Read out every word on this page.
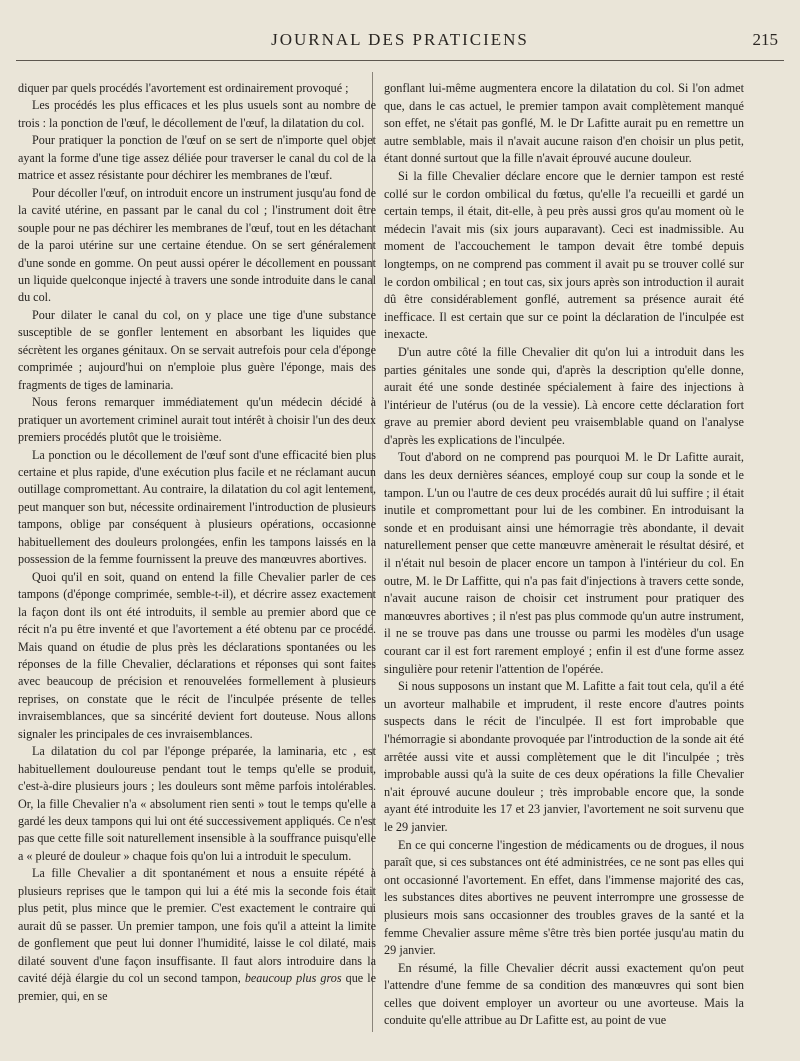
JOURNAL DES PRATICIENS	215

diquer par quels procédés l'avortement est ordinairement provoqué ;

Les procédés les plus efficaces et les plus usuels sont au nombre de trois : la ponction de l'œuf, le décollement de l'œuf, la dilatation du col.

Pour pratiquer la ponction de l'œuf on se sert de n'importe quel objet ayant la forme d'une tige assez déliée pour traverser le canal du col de la matrice et assez résistante pour déchirer les membranes de l'œuf.

Pour décoller l'œuf, on introduit encore un instrument jusqu'au fond de la cavité utérine, en passant par le canal du col ; l'instrument doit être souple pour ne pas déchirer les membranes de l'œuf, tout en les détachant de la paroi utérine sur une certaine étendue. On se sert généralement d'une sonde en gomme. On peut aussi opérer le décollement en poussant un liquide quelconque injecté à travers une sonde introduite dans le canal du col.

Pour dilater le canal du col, on y place une tige d'une substance susceptible de se gonfler lentement en absorbant les liquides que sécrètent les organes génitaux. On se servait autrefois pour cela d'éponge comprimée ; aujourd'hui on n'emploie plus guère l'éponge, mais des fragments de tiges de laminaria.

Nous ferons remarquer immédiatement qu'un médecin décidé à pratiquer un avortement criminel aurait tout intérêt à choisir l'un des deux premiers procédés plutôt que le troisième.

La ponction ou le décollement de l'œuf sont d'une efficacité bien plus certaine et plus rapide, d'une exécution plus facile et ne réclamant aucun outillage compromettant. Au contraire, la dilatation du col agit lentement, peut manquer son but, nécessite ordinairement l'introduction de plusieurs tampons, oblige par conséquent à plusieurs opérations, occasionne habituellement des douleurs prolongées, enfin les tampons laissés en la possession de la femme fournissent la preuve des manœuvres abortives.

Quoi qu'il en soit, quand on entend la fille Chevalier parler de ces tampons (d'éponge comprimée, semble-t-il), et décrire assez exactement la façon dont ils ont été introduits, il semble au premier abord que ce récit n'a pu être inventé et que l'avortement a été obtenu par ce procédé. Mais quand on étudie de plus près les déclarations spontanées ou les réponses de la fille Chevalier, déclarations et réponses qui sont faites avec beaucoup de précision et renouvelées formellement à plusieurs reprises, on constate que le récit de l'inculpée présente de telles invraisemblances, que sa sincérité devient fort douteuse. Nous allons signaler les principales de ces invraisemblances.

La dilatation du col par l'éponge préparée, la laminaria, etc , est habituellement douloureuse pendant tout le temps qu'elle se produit, c'est-à-dire plusieurs jours ; les douleurs sont même parfois intolérables. Or, la fille Chevalier n'a « absolument rien senti » tout le temps qu'elle a gardé les deux tampons qui lui ont été successivement appliqués. Ce n'est pas que cette fille soit naturellement insensible à la souffrance puisqu'elle a « pleuré de douleur » chaque fois qu'on lui a introduit le speculum.

La fille Chevalier a dit spontanément et nous a ensuite répété à plusieurs reprises que le tampon qui lui a été mis la seconde fois était plus petit, plus mince que le premier. C'est exactement le contraire qui aurait dû se passer. Un premier tampon, une fois qu'il a atteint la limite de gonflement que peut lui donner l'humidité, laisse le col dilaté, mais dilaté souvent d'une façon insuffisante. Il faut alors introduire dans la cavité déjà élargie du col un second tampon, beaucoup plus gros que le premier, qui, en se

gonflant lui-même augmentera encore la dilatation du col. Si l'on admet que, dans le cas actuel, le premier tampon avait complètement manqué son effet, ne s'était pas gonflé, M. le Dr Lafitte aurait pu en remettre un autre semblable, mais il n'avait aucune raison d'en choisir un plus petit, étant donné surtout que la fille n'avait éprouvé aucune douleur.

Si la fille Chevalier déclare encore que le dernier tampon est resté collé sur le cordon ombilical du fœtus, qu'elle l'a recueilli et gardé un certain temps, il était, dit-elle, à peu près aussi gros qu'au moment où le médecin l'avait mis (six jours auparavant). Ceci est inadmissible. Au moment de l'accouchement le tampon devait être tombé depuis longtemps, on ne comprend pas comment il avait pu se trouver collé sur le cordon ombilical ; en tout cas, six jours après son introduction il aurait dû être considérablement gonflé, autrement sa présence aurait été inefficace. Il est certain que sur ce point la déclaration de l'inculpée est inexacte.

D'un autre côté la fille Chevalier dit qu'on lui a introduit dans les parties génitales une sonde qui, d'après la description qu'elle donne, aurait été une sonde destinée spécialement à faire des injections à l'intérieur de l'utérus (ou de la vessie). Là encore cette déclaration fort grave au premier abord devient peu vraisemblable quand on l'analyse d'après les explications de l'inculpée.

Tout d'abord on ne comprend pas pourquoi M. le Dr Lafitte aurait, dans les deux dernières séances, employé coup sur coup la sonde et le tampon. L'un ou l'autre de ces deux procédés aurait dû lui suffire ; il était inutile et compromettant pour lui de les combiner. En introduisant la sonde et en produisant ainsi une hémorragie très abondante, il devait naturellement penser que cette manœuvre amènerait le résultat désiré, et il n'était nul besoin de placer encore un tampon à l'intérieur du col. En outre, M. le Dr Laffitte, qui n'a pas fait d'injections à travers cette sonde, n'avait aucune raison de choisir cet instrument pour pratiquer des manœuvres abortives ; il n'est pas plus commode qu'un autre instrument, il ne se trouve pas dans une trousse ou parmi les modèles d'un usage courant car il est fort rarement employé ; enfin il est d'une forme assez singulière pour retenir l'attention de l'opérée.

Si nous supposons un instant que M. Lafitte a fait tout cela, qu'il a été un avorteur malhabile et imprudent, il reste encore d'autres points suspects dans le récit de l'inculpée. Il est fort improbable que l'hémorragie si abondante provoquée par l'introduction de la sonde ait été arrêtée aussi vite et aussi complètement que le dit l'inculpée ; très improbable aussi qu'à la suite de ces deux opérations la fille Chevalier n'ait éprouvé aucune douleur ; très improbable encore que, la sonde ayant été introduite les 17 et 23 janvier, l'avortement ne soit survenu que le 29 janvier.

En ce qui concerne l'ingestion de médicaments ou de drogues, il nous paraît que, si ces substances ont été administrées, ce ne sont pas elles qui ont occasionné l'avortement. En effet, dans l'immense majorité des cas, les substances dites abortives ne peuvent interrompre une grossesse de plusieurs mois sans occasionner des troubles graves de la santé et la femme Chevalier assure même s'être très bien portée jusqu'au matin du 29 janvier.

En résumé, la fille Chevalier décrit aussi exactement qu'on peut l'attendre d'une femme de sa condition des manœuvres qui sont bien celles que doivent employer un avorteur ou une avorteuse. Mais la conduite qu'elle attribue au Dr Lafitte est, au point de vue
